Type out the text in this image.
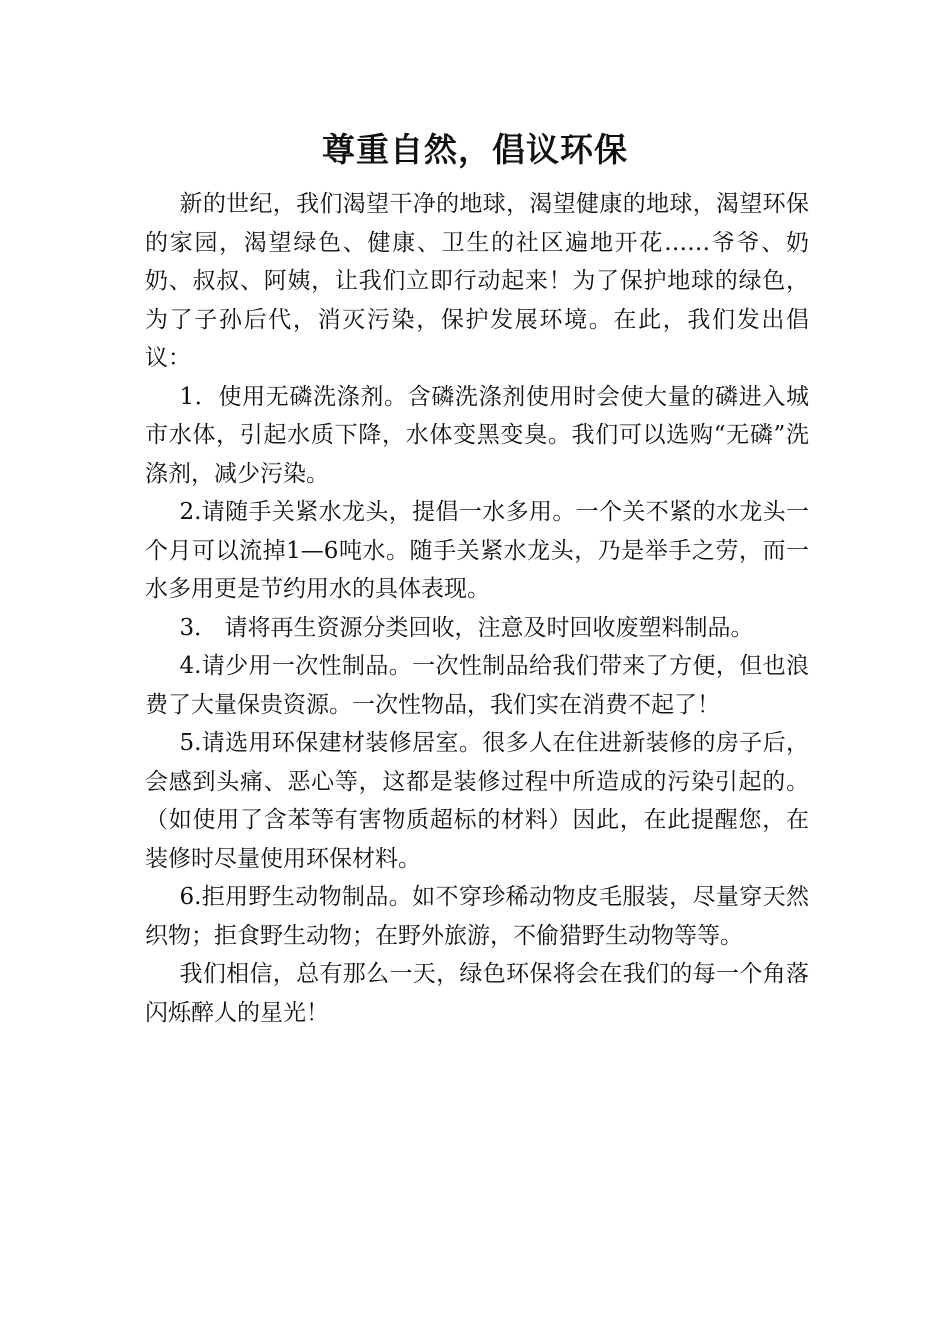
尊重自然，倡议环保

新的世纪，我们渴望干净的地球，渴望健康的地球，渴望环保的家园，渴望绿色、健康、卫生的社区遍地开花……爷爷、奶奶、叔叔、阿姨，让我们立即行动起来！为了保护地球的绿色，为了子孙后代，消灭污染，保护发展环境。在此，我们发出倡议：

1．使用无磷洗涤剂。含磷洗涤剂使用时会使大量的磷进入城市水体，引起水质下降，水体变黑变臭。我们可以选购“无磷”洗涤剂，减少污染。

2.请随手关紧水龙头，提倡一水多用。一个关不紧的水龙头一个月可以流掉1—6吨水。随手关紧水龙头，乃是举手之劳，而一水多用更是节约用水的具体表现。

3． 请将再生资源分类回收，注意及时回收废塑料制品。

4.请少用一次性制品。一次性制品给我们带来了方便，但也浪费了大量保贵资源。一次性物品，我们实在消费不起了！

5.请选用环保建材装修居室。很多人在住进新装修的房子后，会感到头痛、恶心等，这都是装修过程中所造成的污染引起的。（如使用了含苯等有害物质超标的材料）因此，在此提醒您，在装修时尽量使用环保材料。

6.拒用野生动物制品。如不穿珍稀动物皮毛服装，尽量穿天然织物；拒食野生动物；在野外旅游，不偷猎野生动物等等。

我们相信，总有那么一天，绿色环保将会在我们的每一个角落闪烁醉人的星光！
